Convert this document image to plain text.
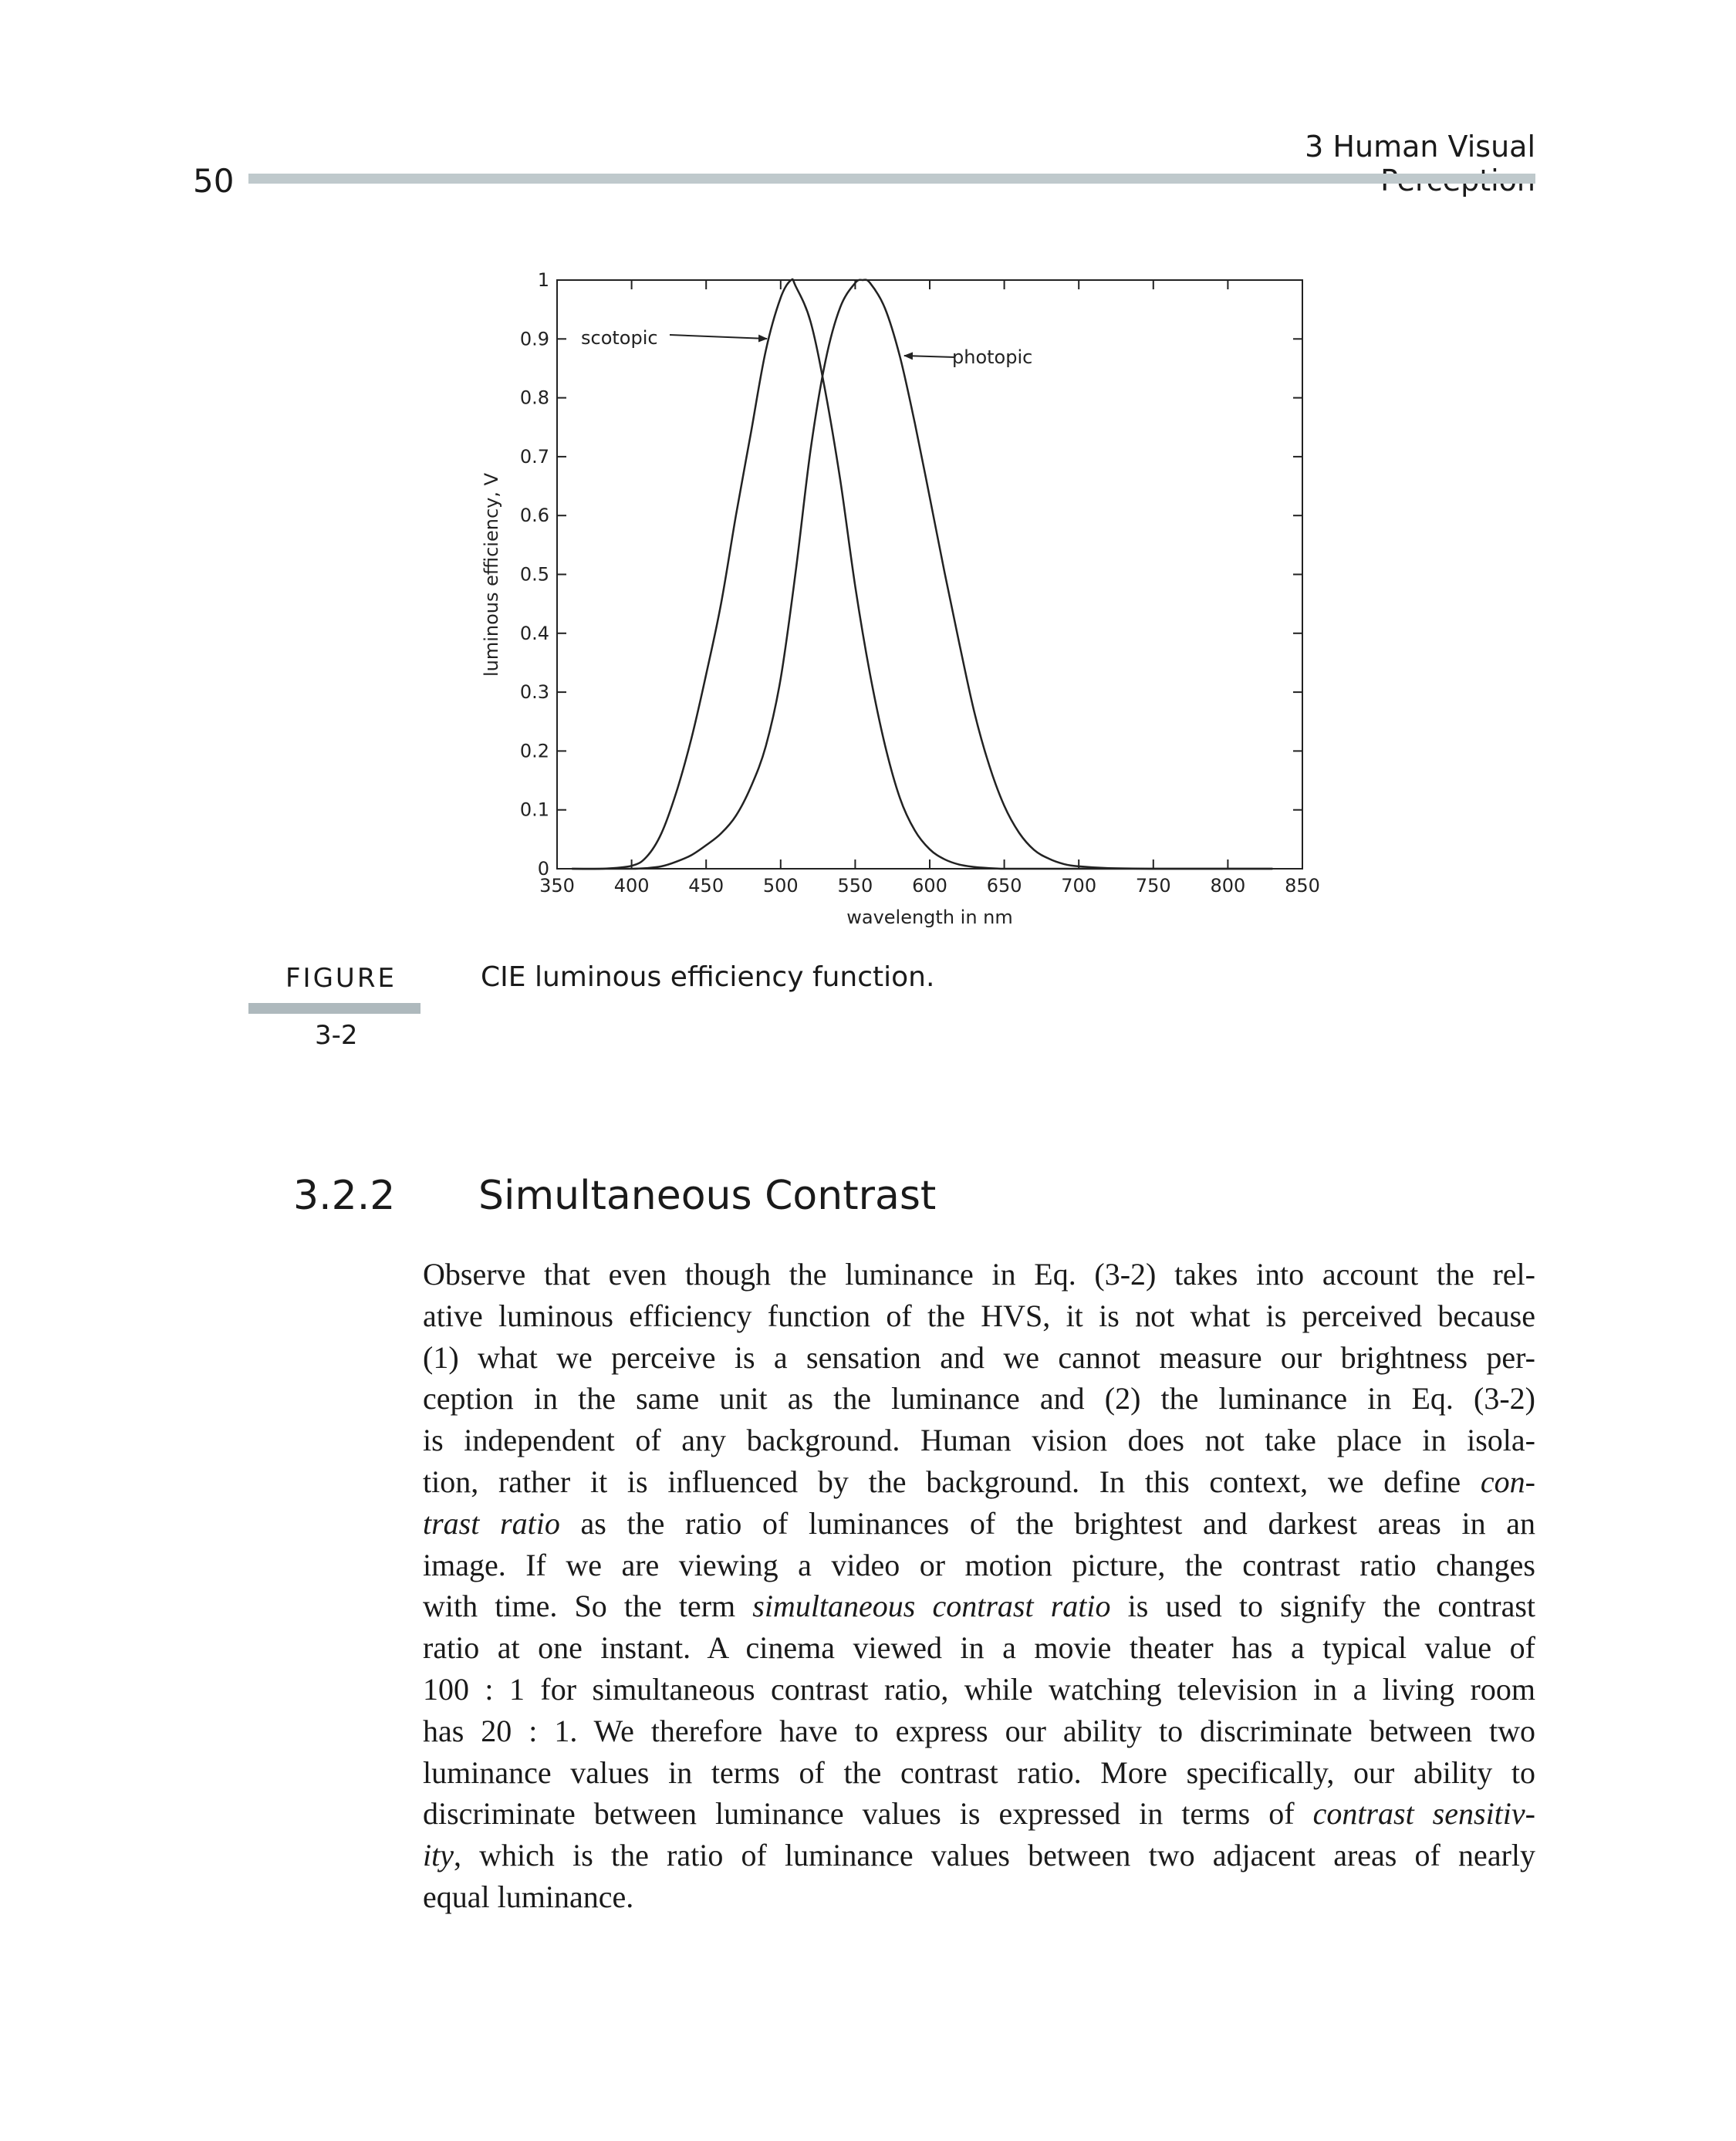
3 Human Visual
50
350 400 450 500 550 600 650 700 750 800 850
0
0.1
0.2
0.3
0.4
0.5
0.6
0.7
0.8
0.9
1
wavelength in nm
luminous efficiency, V
scotopic
photopic
FIGURE
3-2
CIE luminous efficiency function.
3.2.2 Simultaneous Contrast
Observe that even though the luminance in Eq. (3-2) takes into account the rel-
ative luminous efficiency function of the HVS, it is not what is perceived because
(1) what we perceive is a sensation and we cannot measure our brightness per-
ception in the same unit as the luminance and (2) the luminance in Eq. (3-2)
is independent of any background. Human vision does not take place in isola-
tion, rather it is influenced by the background. In this context, we define con-
trast ratio as the ratio of luminances of the brightest and darkest areas in an
image. If we are viewing a video or motion picture, the contrast ratio changes
with time. So the term simultaneous contrast ratio is used to signify the contrast
ratio at one instant. A cinema viewed in a movie theater has a typical value of
100 : 1 for simultaneous contrast ratio, while watching television in a living room
has 20 : 1. We therefore have to express our ability to discriminate between two
luminance values in terms of the contrast ratio. More specifically, our ability to
discriminate between luminance values is expressed in terms of contrast sensitiv-
ity, which is the ratio of luminance values between two adjacent areas of nearly
equal luminance.
